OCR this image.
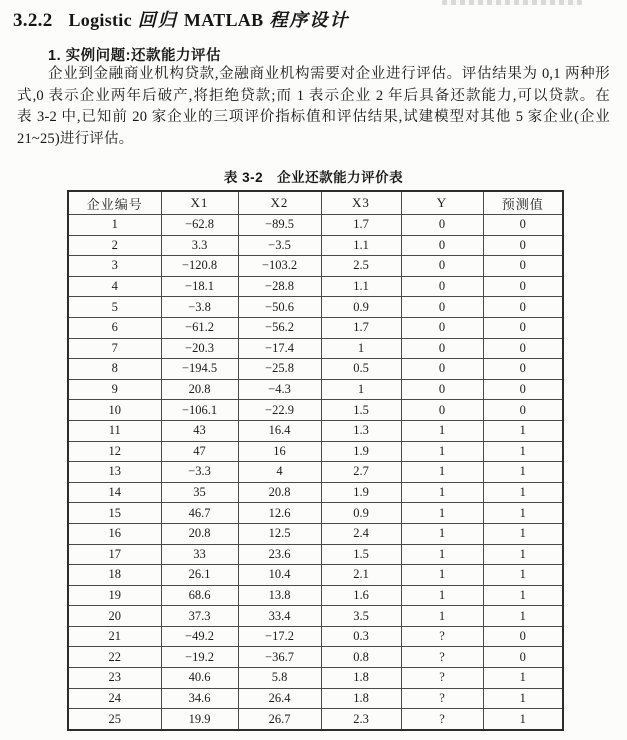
3.2.2 Logistic 回归 MATLAB 程序设计
1. 实例问题:还款能力评估
企业到金融商业机构贷款,金融商业机构需要对企业进行评估。评估结果为 0,1 两种形
式,0 表示企业两年后破产,将拒绝贷款;而 1 表示企业 2 年后具备还款能力,可以贷款。在
表 3-2 中,已知前 20 家企业的三项评价指标值和评估结果,试建模型对其他 5 家企业(企业
21~25)进行评估。
表 3-2 企业还款能力评价表
企业编号	X1	X2	X3	Y	预测值
1	−62.8	−89.5	1.7	0	0
2	3.3	−3.5	1.1	0	0
3	−120.8	−103.2	2.5	0	0
4	−18.1	−28.8	1.1	0	0
5	−3.8	−50.6	0.9	0	0
6	−61.2	−56.2	1.7	0	0
7	−20.3	−17.4	1	0	0
8	−194.5	−25.8	0.5	0	0
9	20.8	−4.3	1	0	0
10	−106.1	−22.9	1.5	0	0
11	43	16.4	1.3	1	1
12	47	16	1.9	1	1
13	−3.3	4	2.7	1	1
14	35	20.8	1.9	1	1
15	46.7	12.6	0.9	1	1
16	20.8	12.5	2.4	1	1
17	33	23.6	1.5	1	1
18	26.1	10.4	2.1	1	1
19	68.6	13.8	1.6	1	1
20	37.3	33.4	3.5	1	1
21	−49.2	−17.2	0.3	?	0
22	−19.2	−36.7	0.8	?	0
23	40.6	5.8	1.8	?	1
24	34.6	26.4	1.8	?	1
25	19.9	26.7	2.3	?	1
